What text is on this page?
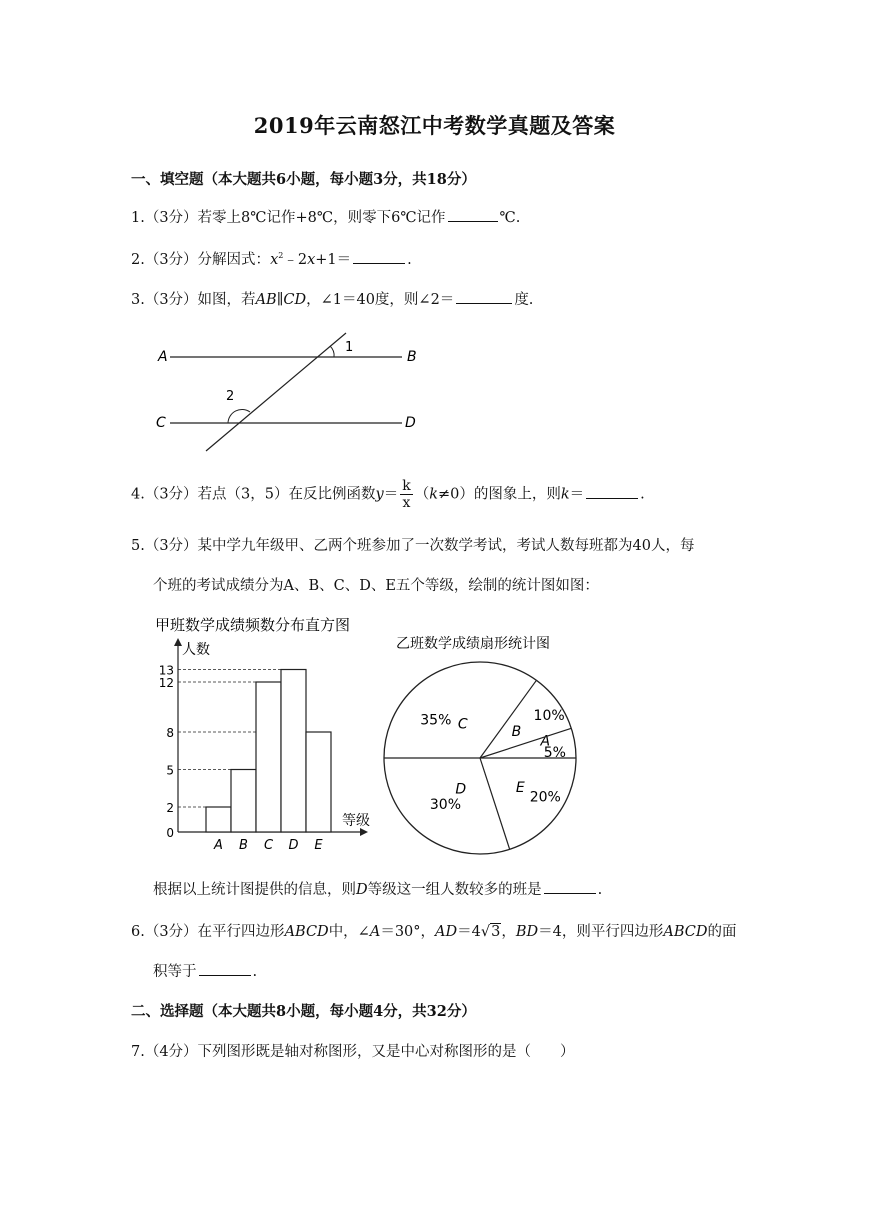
2019年云南怒江中考数学真题及答案
一、填空题（本大题共6小题，每小题3分，共18分）
1.（3分）若零上8℃记作+8℃，则零下6℃记作	℃.
2.（3分）分解因式：$x^2﹣2x+1=$	.
3.（3分）如图，若AB∥CD，∠1＝40度，则∠2＝	度.
A	B
C	D
1
2
4.（3分）若点（3，5）在反比例函数$y= \frac{k}{x} (k\ne 0)$的图象上，则k＝	.
5.（3分）某中学九年级甲、乙两个班参加了一次数学考试，考试人数每班都为40人，每
个班的考试成绩分为A、B、C、D、E五个等级，绘制的统计图如图：
甲班数学成绩频数分布直方图
人数
等级
0
2
5
8
12
13
A B C D E
乙班数学成绩扇形统计图
A
5%
B
10%
C
35%
D
30%
E
20%
根据以上统计图提供的信息，则D等级这一组人数较多的班是	.
6.（3分）在平行四边形ABCD中，∠A＝30°，AD＝4√3，BD＝4，则平行四边形ABCD的面
积等于	.
二、选择题（本大题共8小题，每小题4分，共32分）
7.（4分）下列图形既是轴对称图形，又是中心对称图形的是（　　）
